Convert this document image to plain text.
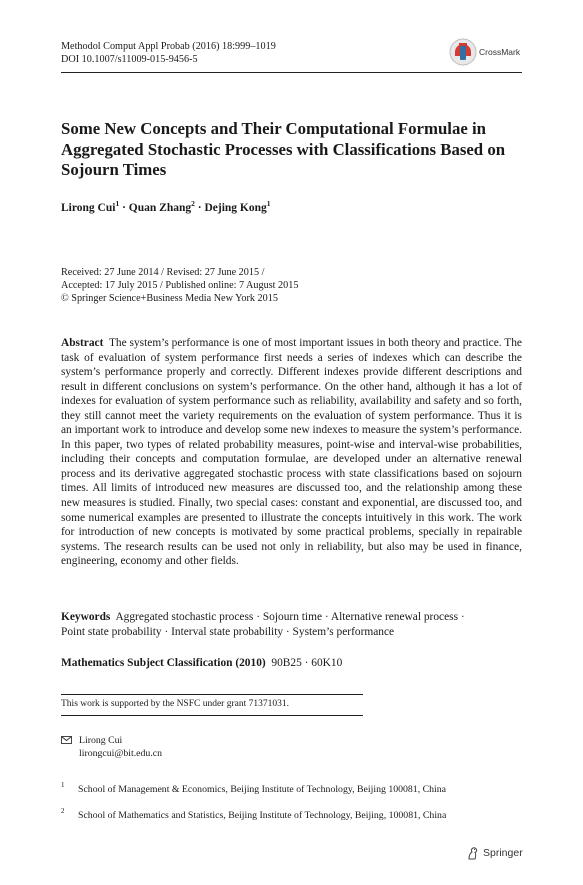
Methodol Comput Appl Probab (2016) 18:999–1019
DOI 10.1007/s11009-015-9456-5
CrossMark
Some New Concepts and Their Computational Formulae in Aggregated Stochastic Processes with Classifications Based on Sojourn Times
Lirong Cui$^1$ · Quan Zhang$^2$ · Dejing Kong$^1$
Received: 27 June 2014 / Revised: 27 June 2015 /
Accepted: 17 July 2015 / Published online: 7 August 2015
© Springer Science+Business Media New York 2015
Abstract The system’s performance is one of most important issues in both theory and practice. The task of evaluation of system performance first needs a series of indexes which can describe the system’s performance properly and correctly. Different indexes provide different descriptions and result in different conclusions on system’s performance. On the other hand, although it has a lot of indexes for evaluation of system performance such as reliability, availability and safety and so forth, they still cannot meet the variety requirements on the evaluation of system performance. Thus it is an important work to introduce and develop some new indexes to measure the system’s performance. In this paper, two types of related probability measures, point-wise and interval-wise probabilities, including their concepts and computation formulae, are developed under an alternative renewal process and its derivative aggregated stochastic process with state classifications based on sojourn times. All limits of introduced new measures are discussed too, and the relationship among these new measures is studied. Finally, two special cases: constant and exponential, are discussed too, and some numerical examples are presented to illustrate the concepts intuitively in this work. The work for introduction of new concepts is motivated by some practical problems, specially in repairable systems. The research results can be used not only in reliability, but also may be used in finance, engineering, economy and other fields.
Keywords Aggregated stochastic process · Sojourn time · Alternative renewal process ·
Point state probability · Interval state probability · System’s performance
Mathematics Subject Classification (2010) 90B25 · 60K10
This work is supported by the NSFC under grant 71371031.
Lirong Cui
lirongcui@bit.edu.cn
1 School of Management & Economics, Beijing Institute of Technology, Beijing 100081, China
2 School of Mathematics and Statistics, Beijing Institute of Technology, Beijing, 100081, China
Springer
